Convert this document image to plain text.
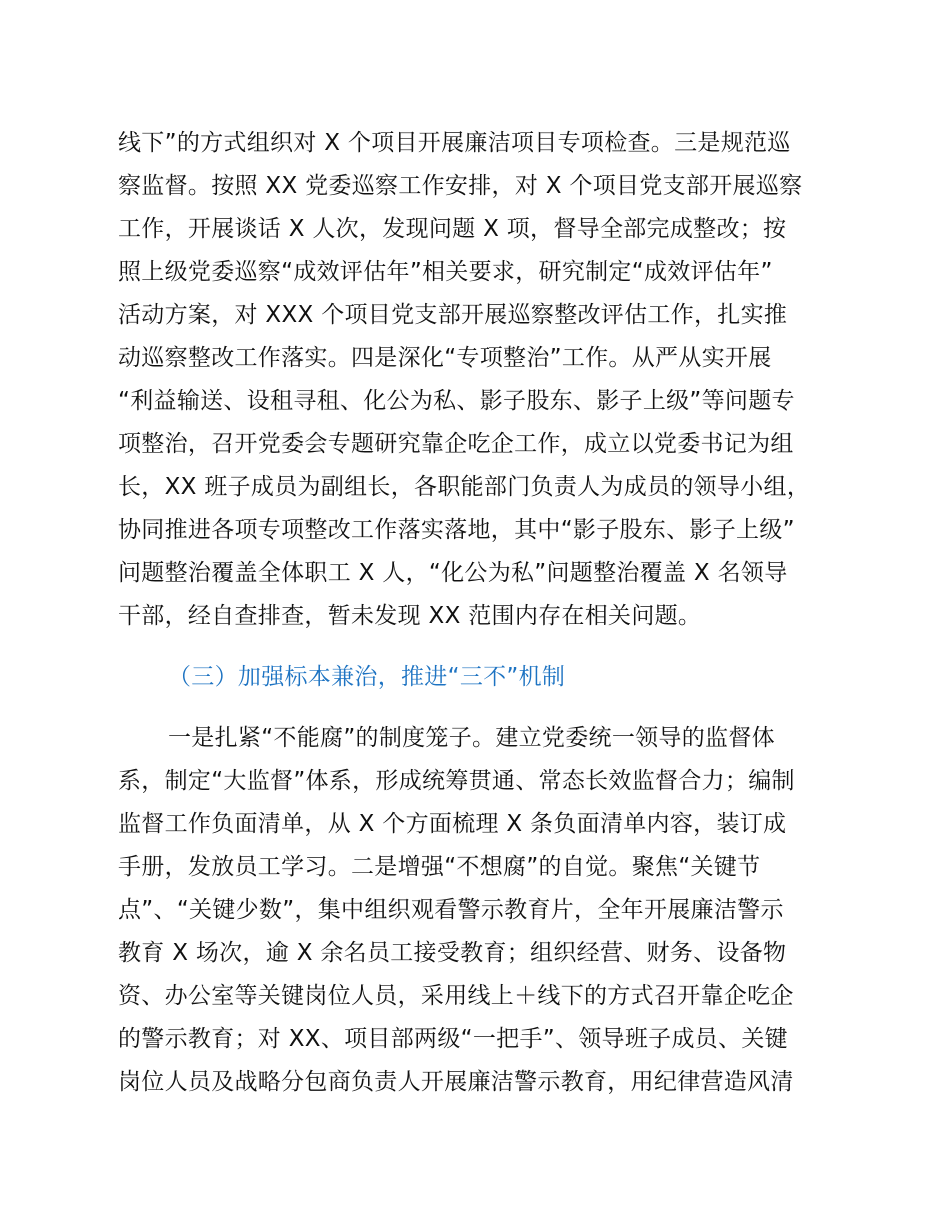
线下”的方式组织对 X 个项目开展廉洁项目专项检查。三是规范巡
察监督。按照 XX 党委巡察工作安排，对 X 个项目党支部开展巡察
工作，开展谈话 X 人次，发现问题 X 项，督导全部完成整改；按
照上级党委巡察“成效评估年”相关要求，研究制定“成效评估年”
活动方案，对 XXX 个项目党支部开展巡察整改评估工作，扎实推
动巡察整改工作落实。四是深化“专项整治”工作。从严从实开展
“利益输送、设租寻租、化公为私、影子股东、影子上级”等问题专
项整治，召开党委会专题研究靠企吃企工作，成立以党委书记为组
长，XX 班子成员为副组长，各职能部门负责人为成员的领导小组，
协同推进各项专项整改工作落实落地，其中“影子股东、影子上级”
问题整治覆盖全体职工 X 人，“化公为私”问题整治覆盖 X 名领导
干部，经自查排查，暂未发现 XX 范围内存在相关问题。
（三）加强标本兼治，推进“三不”机制
一是扎紧“不能腐”的制度笼子。建立党委统一领导的监督体
系，制定“大监督”体系，形成统筹贯通、常态长效监督合力；编制
监督工作负面清单，从 X 个方面梳理 X 条负面清单内容，装订成
手册，发放员工学习。二是增强“不想腐”的自觉。聚焦“关键节
点”、“关键少数”，集中组织观看警示教育片，全年开展廉洁警示
教育 X 场次，逾 X 余名员工接受教育；组织经营、财务、设备物
资、办公室等关键岗位人员，采用线上＋线下的方式召开靠企吃企
的警示教育；对 XX、项目部两级“一把手”、领导班子成员、关键
岗位人员及战略分包商负责人开展廉洁警示教育，用纪律营造风清
